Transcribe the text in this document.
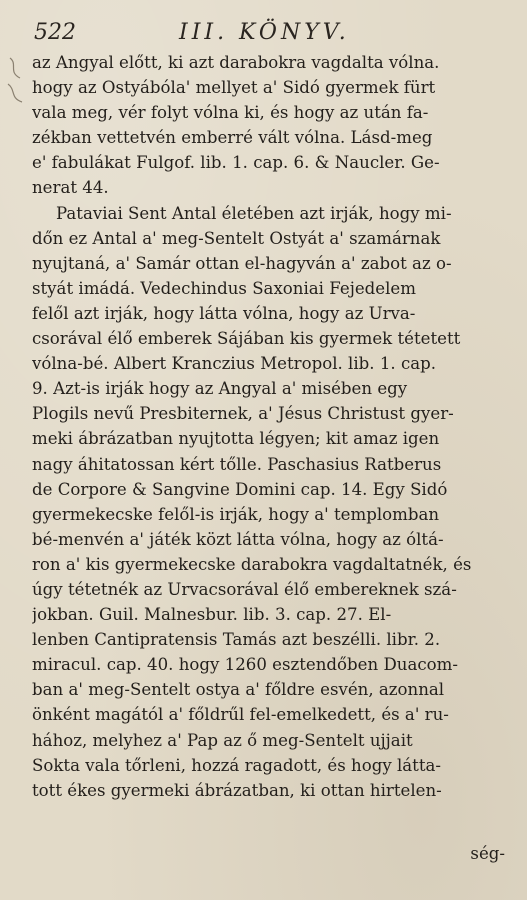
522	III. KÖNYV.
az Angyal előtt, ki azt darabokra vagdalta vólna.
hogy az Ostyábóla' mellyet a' Sidó gyermek fürt
vala meg, vér folyt vólna ki, és hogy az után fa-
zékban vettetvén emberré vált vólna. Lásd-meg
e' fabulákat Fulgof. lib. 1. cap. 6. & Naucler. Ge-
nerat 44.
Pataviai Sent Antal életében azt irják, hogy mi-
dőn ez Antal a' meg-Sentelt Ostyát a' szamárnak
nyujtaná, a' Samár ottan el-hagyván a' zabot az o-
styát imádá. Vedechindus Saxoniai Fejedelem
felől azt irják, hogy látta vólna, hogy az Urva-
csorával élő emberek Sájában kis gyermek tétetett
vólna-bé. Albert Kranczius Metropol. lib. 1. cap.
9. Azt-is irják hogy az Angyal a' misében egy
Plogils nevű Presbiternek, a' Jésus Christust gyer-
meki ábrázatban nyujtotta légyen; kit amaz igen
nagy áhitatossan kért tőlle. Paschasius Ratberus
de Corpore & Sangvine Domini cap. 14. Egy Sidó
gyermekecske felől-is irják, hogy a' templomban
bé-menvén a' játék közt látta vólna, hogy az óltá-
ron a' kis gyermekecske darabokra vagdaltatnék, és
úgy tétetnék az Urvacsorával élő embereknek szá-
jokban. Guil. Malnesbur. lib. 3. cap. 27. El-
lenben Cantipratensis Tamás azt beszélli. libr. 2.
miracul. cap. 40. hogy 1260 esztendőben Duacom-
ban a' meg-Sentelt ostya a' főldre esvén, azonnal
önként magától a' főldrűl fel-emelkedett, és a' ru-
hához, melyhez a' Pap az ő meg-Sentelt ujjait
Sokta vala tőrleni, hozzá ragadott, és hogy látta-
tott ékes gyermeki ábrázatban, ki ottan hirtelen-
ség-
